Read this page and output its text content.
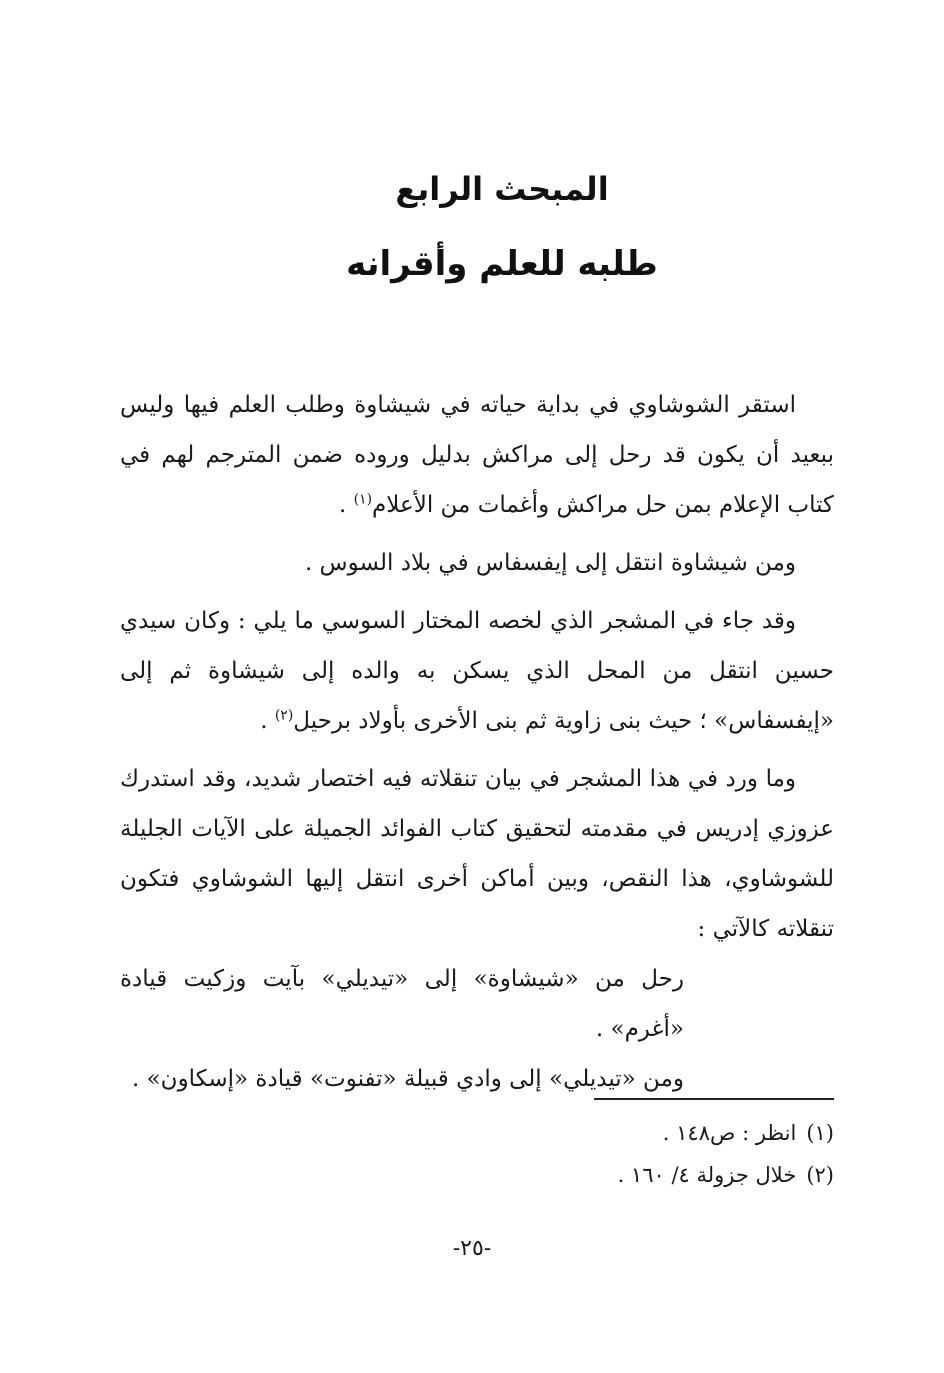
المبحث الرابع
طلبه للعلم وأقرانه

استقر الشوشاوي في بداية حياته في شيشاوة وطلب العلم فيها وليس ببعيد أن يكون قد رحل إلى مراكش بدليل وروده ضمن المترجم لهم في كتاب الإعلام بمن حل مراكش وأغمات من الأعلام$^{(١)}$ .

ومن شيشاوة انتقل إلى إيفسفاس في بلاد السوس .

وقد جاء في المشجر الذي لخصه المختار السوسي ما يلي : وكان سيدي حسين انتقل من المحل الذي يسكن به والده إلى شيشاوة ثم إلى «إيفسفاس» ؛ حيث بنى زاوية ثم بنى الأخرى بأولاد برحيل$^{(٢)}$ .

وما ورد في هذا المشجر في بيان تنقلاته فيه اختصار شديد، وقد استدرك عزوزي إدريس في مقدمته لتحقيق كتاب الفوائد الجميلة على الآيات الجليلة للشوشاوي، هذا النقص، وبين أماكن أخرى انتقل إليها الشوشاوي فتكون تنقلاته كالآتي :

رحل من «شيشاوة» إلى «تيديلي» بآيت وزكيت قيادة «أغرم» .

ومن «تيديلي» إلى وادي قبيلة «تفنوت» قيادة «إسكاون» .

(١)انظر : ص١٤٨ .

(٢)خلال جزولة ٤/ ١٦٠ .

-٢٥-
